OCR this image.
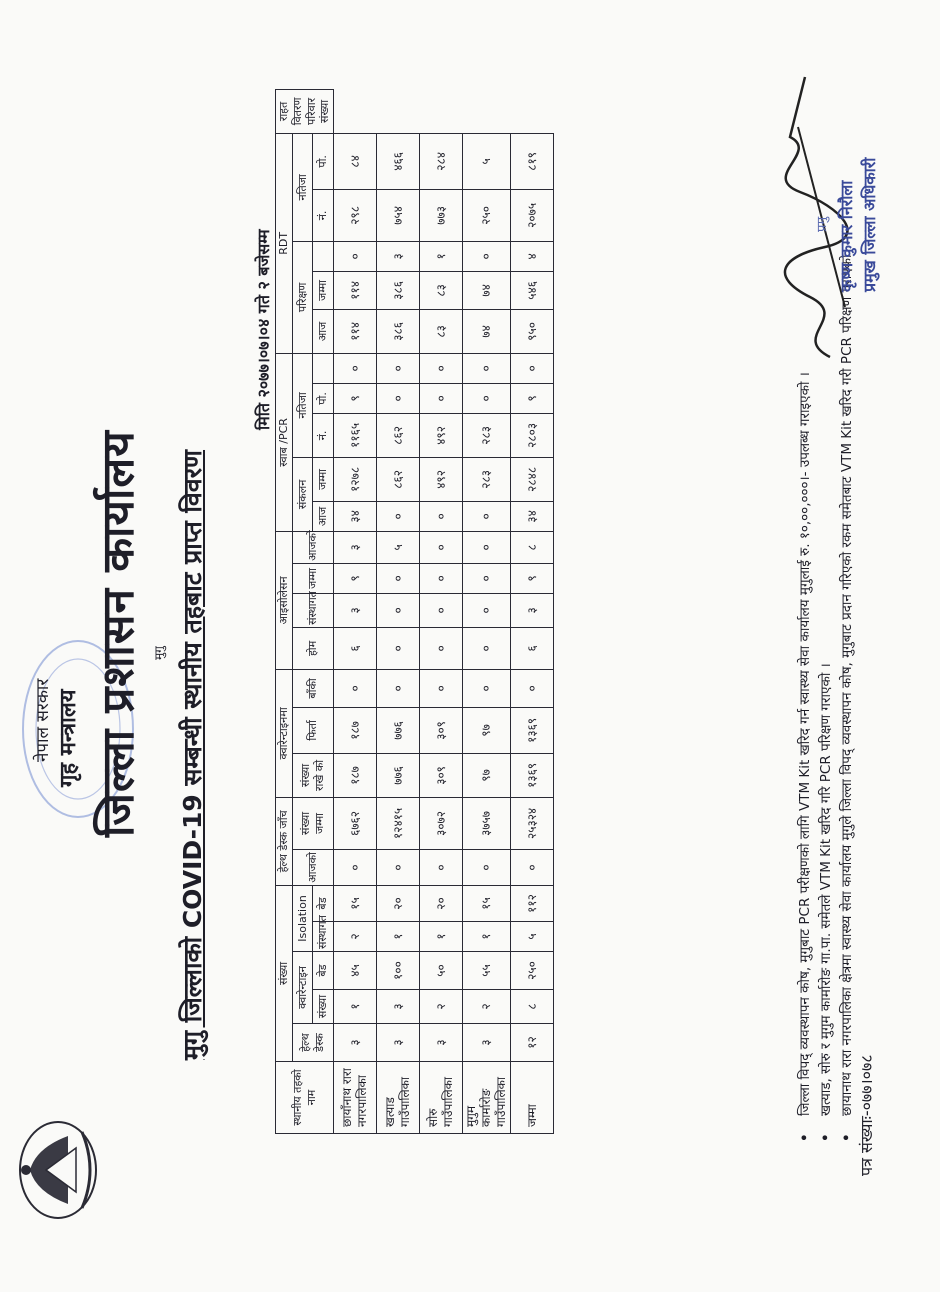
पत्र संख्याः-०७७।०७८
नेपाल सरकार गृह मन्त्रालय जिल्ला प्रशासन कार्यालय मुगु मुगु जिल्लाको COVID-19 सम्बन्धी स्थानीय तहबाट प्राप्त विवरण
मिति २०७७।०७।०४ गते २ बजेसम्म
स्थानीय तहको नाम	संख्या					हेल्थ डेस्क जाँच		क्वारेन्टाइनमा			आइसोलेसन				स्वाब /PCR					RDT					राहत वितरण परिवार संख्या
	हेल्थ डेस्क	क्वारेन्टाइन		Isolation		आजको	संख्या जम्मा	संख्या राखे को	फिर्ता	बाँकी	होम	संस्थागत	जम्मा	आजको	संकलन		नतिजा			परिक्षण			नतिजा		

		संख्या	बेड	संस्थागत	बेड										आज	जम्मा	नं.	पो.		आज	जम्मा		नं.	पो.	
छायाँनाथ रारा नगरपालिका	३	१	४५	२	१५	०	६७६२	१८७	१८७	०	६	३	९	३	३४	१२७८	११६५	९	०	११४	११४	०	२९८	८४	
खत्याड गाउँपालिका	३	३	१००	१	२०	०	१२४१५	७७६	७७६	०	०	०	०	५	०	८६२	८६२	०	०	३८६	३८६	३	७५४	४६६	
सोरु गाउँपालिका	३	२	५०	१	२०	०	३०७२	३०९	३०९	०	०	०	०	०	०	४९२	४९२	०	०	८३	८३	१	७७३	२८४	
मुगुम कार्मारोङ गाउँपालिका	३	२	५५	१	१५	०	३७५७	९७	९७	०	०	०	०	०	०	२८३	२८३	०	०	७४	७४	०	२५०	५	
जम्मा	१२	८	२५०	५	११२	०	२५३२४	१३६९	१३६९	०	६	३	९	८	३४	२८४८	२८०३	९	०	९५०	५४६	४	२०७५	८१९	
•
जिल्ला विपद् व्यवस्थापन कोष, मुगुबाट PCR परीक्षणको लागि VTM Kit खरिद गर्न स्वास्थ्य सेवा कार्यालय मुगुलाई रु. १०,००,०००।- उपलब्ध गराइएको ।
•
खत्याड, सोरु र मुगुम कार्मारोङ गा.पा. समेतले VTM Kit खरिद गरि PCR परिक्षण गराएको ।
•
छायानाथ रारा नगरपालिका क्षेत्रमा स्वास्थ्य सेवा कार्यालय मुगुले जिल्ला विपद् व्यवस्थापन कोष, मुगुबाट प्रदान गरिएको रकम समेतबाट VTM Kit खरिद गरी PCR परिक्षण गराएको
प्रमु कृष्ण कुमार निरौला प्रमुख जिल्ला अधिकारी
